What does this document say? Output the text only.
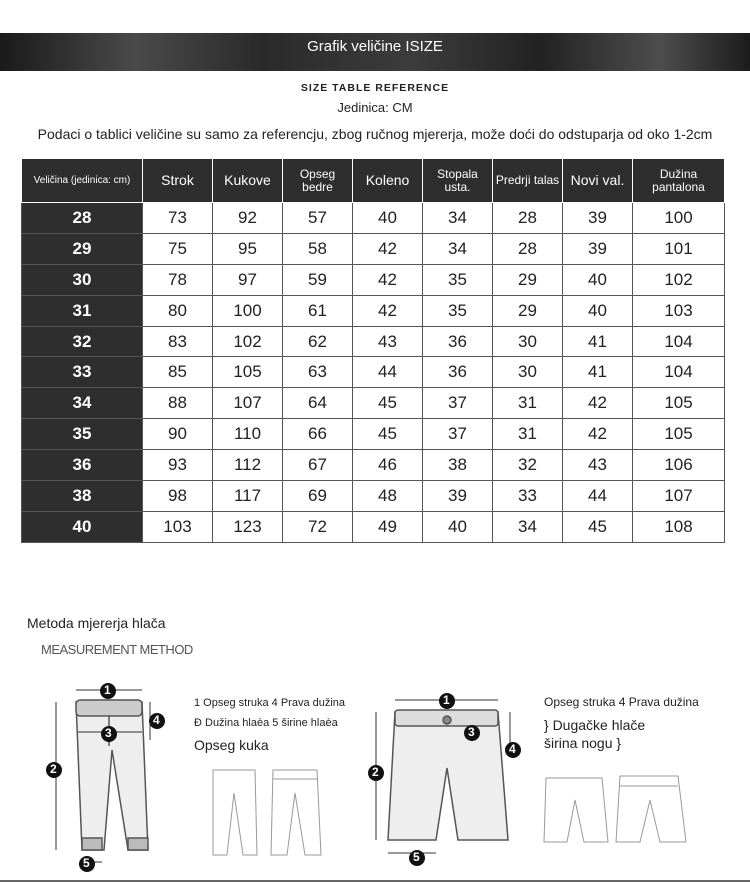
Grafik veličine ISIZE
SIZE TABLE REFERENCE
Jedinica: CM
Podaci o tablici veličine su samo za referencju, zbog ručnog mjererja, može doći do odstuparja od oko 1-2cm
Veličina (jedinica: cm)	Strok	Kukove	Opseg bedre	Koleno	Stopala usta.	Predrji talas	Novi val.	Dužina pantalona
28	73	92	57	40	34	28	39	100
29	75	95	58	42	34	28	39	101
30	78	97	59	42	35	29	40	102
31	80	100	61	42	35	29	40	103
32	83	102	62	43	36	30	41	104
33	85	105	63	44	36	30	41	104
34	88	107	64	45	37	31	42	105
35	90	110	66	45	37	31	42	105
36	93	112	67	46	38	32	43	106
38	98	117	69	48	39	33	44	107
40	103	123	72	49	40	34	45	108
Metoda mjererja hlača
MEASUREMENT METHOD
1
2
3
4
5
1 Opseg struka 4 Prava dužina
Ð Dužina hlaèa 5 širine hlaèa
Opseg kuka
1
2
3
4
5
Opseg struka 4 Prava dužina
} Dugačke hlače
širina nogu }
